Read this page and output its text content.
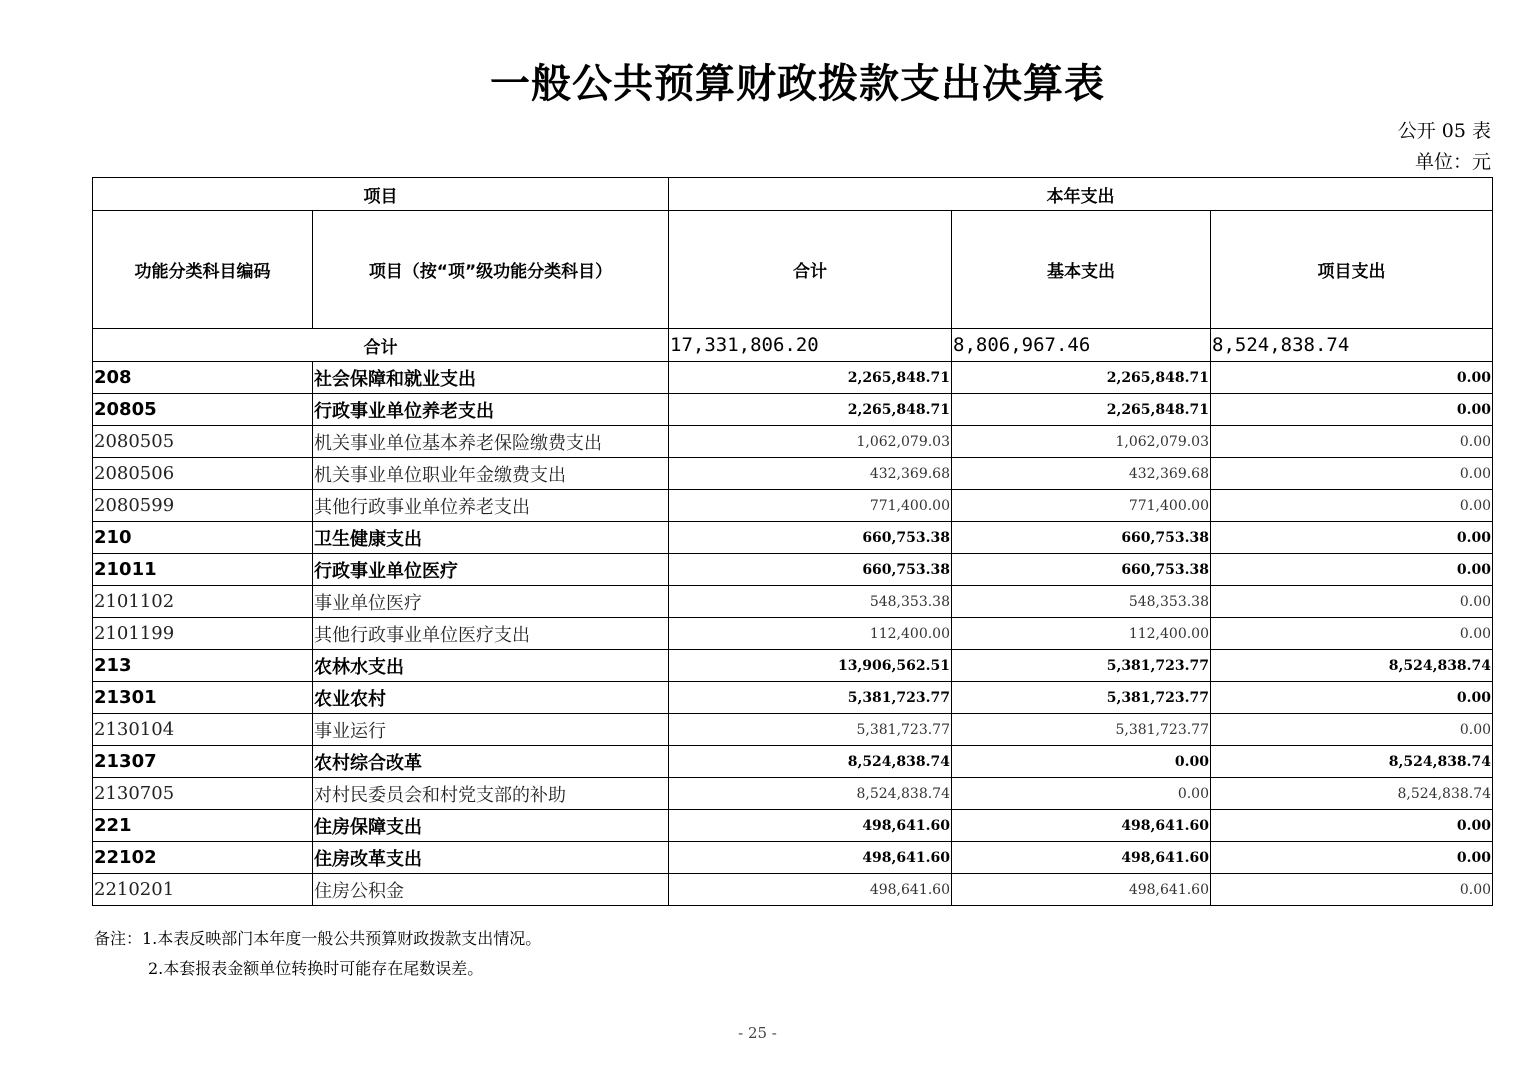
一般公共预算财政拨款支出决算表
公开 05 表
单位：元
项目		本年支出		
功能分类科目编码	项目（按“项”级功能分类科目）	合计	基本支出	项目支出
合计		17,331,806.20	8,806,967.46	8,524,838.74
208	社会保障和就业支出	2,265,848.71	2,265,848.71	0.00
20805	行政事业单位养老支出	2,265,848.71	2,265,848.71	0.00
2080505	机关事业单位基本养老保险缴费支出	1,062,079.03	1,062,079.03	0.00
2080506	机关事业单位职业年金缴费支出	432,369.68	432,369.68	0.00
2080599	其他行政事业单位养老支出	771,400.00	771,400.00	0.00
210	卫生健康支出	660,753.38	660,753.38	0.00
21011	行政事业单位医疗	660,753.38	660,753.38	0.00
2101102	事业单位医疗	548,353.38	548,353.38	0.00
2101199	其他行政事业单位医疗支出	112,400.00	112,400.00	0.00
213	农林水支出	13,906,562.51	5,381,723.77	8,524,838.74
21301	农业农村	5,381,723.77	5,381,723.77	0.00
2130104	事业运行	5,381,723.77	5,381,723.77	0.00
21307	农村综合改革	8,524,838.74	0.00	8,524,838.74
2130705	对村民委员会和村党支部的补助	8,524,838.74	0.00	8,524,838.74
221	住房保障支出	498,641.60	498,641.60	0.00
22102	住房改革支出	498,641.60	498,641.60	0.00
2210201	住房公积金	498,641.60	498,641.60	0.00
备注：1.本表反映部门本年度一般公共预算财政拨款支出情况。
2.本套报表金额单位转换时可能存在尾数误差。
- 25 -
